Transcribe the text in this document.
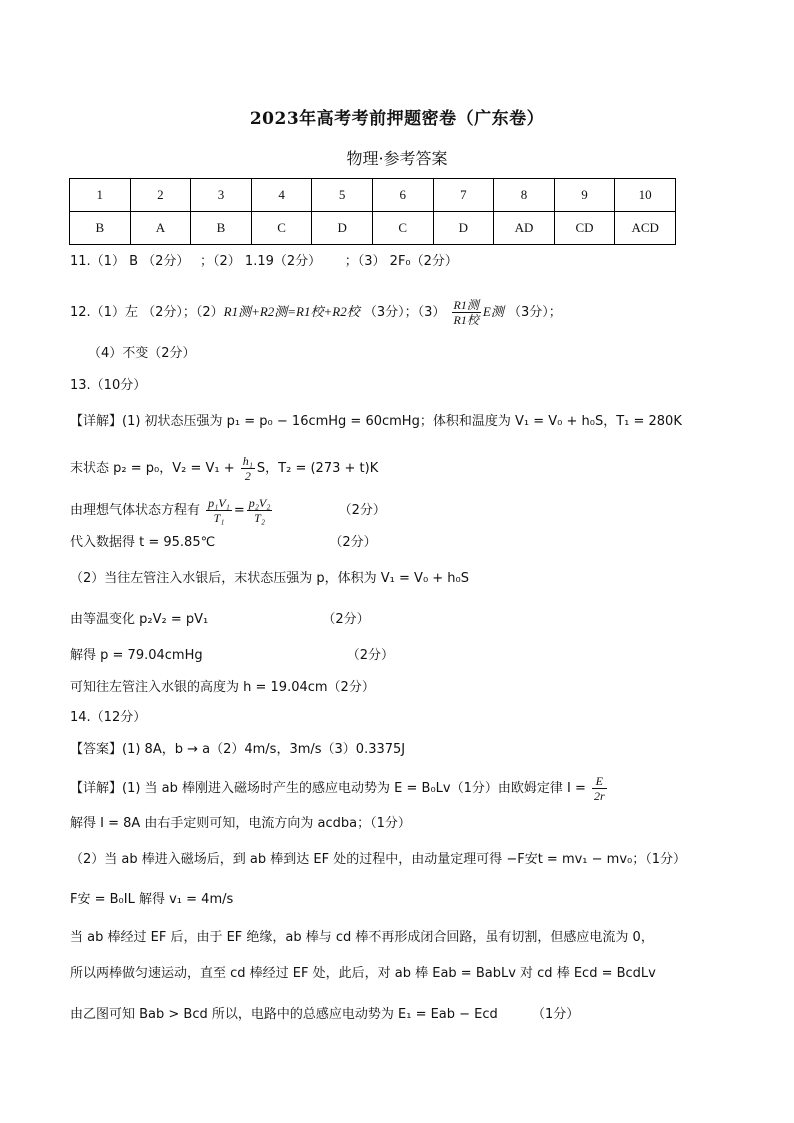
2023年高考考前押题密卷（广东卷）
物理·参考答案
1	2	3	4	5	6	7	8	9	10
B	A	B	C	D	C	D	AD	CD	ACD
11.（1） B （2分）　 ；（2） 1.19（2分）　　 ；（3） 2F₀（2分）
12.（1）左 （2分）；（2）R1测+R2测=R1校+R2校 （3分）；$(3) \frac{\text{R1测}}{\text{R1校}}$ E测 （3分）；
（4）不变（2分）
13.（10分）
【详解】(1) 初状态压强为 p₁ = p₀ − 16cmHg = 60cmHg；体积和温度为 V₁ = V₀ + h₀S，T₁ = 280K
末状态 p₂ = p₀，$V_2 = V_1 + \frac{\text{h₁}}{2}$ S，T₂ = (273 + t)K
由理想气体状态方程有 $\frac{\text{p₁V₁}}{\text{T₁}} = \frac{\text{p₂V₂}}{\text{T₂}}$	（2分）
代入数据得 t = 95.85℃	（2分）
（2）当往左管注入水银后，末状态压强为 p，体积为 V₁ = V₀ + h₀S
由等温变化 p₂V₂ = pV₁	（2分）
解得 p = 79.04cmHg	（2分）
可知往左管注入水银的高度为 h = 19.04cm（2分）
14.（12分）
【答案】(1) 8A，b → a（2）4m/s，3m/s（3）0.3375J
【详解】(1) 当 ab 棒刚进入磁场时产生的感应电动势为 E = B₀Lv（1分）由欧姆定律 $I = \frac{E}{2r}$
解得 I = 8A 由右手定则可知，电流方向为 acdba；（1分）
（2）当 ab 棒进入磁场后，到 ab 棒到达 EF 处的过程中，由动量定理可得 −F安t = mv₁ − mv₀；（1分）
F安 = B₀IL 解得 v₁ = 4m/s
当 ab 棒经过 EF 后，由于 EF 绝缘，ab 棒与 cd 棒不再形成闭合回路，虽有切割，但感应电流为 0，
所以两棒做匀速运动，直至 cd 棒经过 EF 处，此后，对 ab 棒 Eab = BabLv 对 cd 棒 Ecd = BcdLv
由乙图可知 Bab > Bcd 所以，电路中的总感应电动势为 E₁ = Eab − Ecd	（1分）
